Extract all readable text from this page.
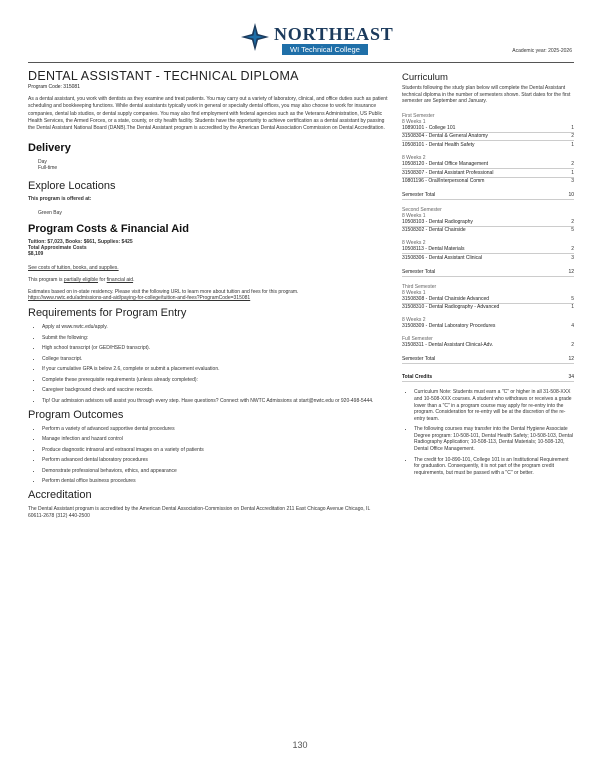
NORTHEAST
WI Technical College	Academic year: 2025-2026
DENTAL ASSISTANT - TECHNICAL DIPLOMA
Program Code: 315081
As a dental assistant, you work with dentists as they examine and treat patients. You may carry out a variety of laboratory, clinical, and office duties such as patient scheduling and bookkeeping functions. While dental assistants typically work in general or specialty dental offices, you may also choose to work for insurance companies, dental lab studios, or dental supply companies. You may also find employment with federal agencies such as the Veterans Administration, US Public Health Services, the Armed Forces, or a state, county, or city health facility. Students have the opportunity to achieve certification as a dental assistant by passing the Dental Assistant National Board (DANB).The Dental Assistant program is accredited by the American Dental Association Commission on Dental Accreditation.
Delivery
Day
Full-time
Explore Locations
This program is offered at:
Green Bay
Program Costs & Financial Aid
Tuition: $7,023, Books: $661, Supplies: $425
Total Approximate Costs
$8,109
See costs of tuition, books, and supplies.
This program is partially eligible for financial aid.
Estimates based on in-state residency. Please visit the following URL to learn more about tuition and fees for this program.
https://www.nwtc.edu/admissions-and-aid/paying-for-college/tuition-and-fees?ProgramCode=315081
Requirements for Program Entry
• Apply at www.nwtc.edu/apply.
• Submit the following:
• High school transcript (or GED/HSED transcript).
• College transcript.
• If your cumulative GPA is below 2.6, complete or submit a placement evaluation.
• Complete these prerequisite requirements (unless already completed):
• Caregiver background check and vaccine records.
• Tip! Our admission advisors will assist you through every step. Have questions? Connect with NWTC Admissions at start@nwtc.edu or 920-498-5444.
Program Outcomes
• Perform a variety of advanced supportive dental procedures
• Manage infection and hazard control
• Produce diagnostic intraoral and extraoral images on a variety of patients
• Perform advanced dental laboratory procedures
• Demonstrate professional behaviors, ethics, and appearance
• Perform dental office business procedures
Accreditation
The Dental Assistant program is accredited by the American Dental Association-Commission on Dental Accreditation 211 East Chicago Avenue Chicago, IL 60611-2678 (312) 440-2500
Curriculum
Students following the study plan below will complete the Dental Assistant technical diploma in the number of semesters shown. Start dates for the first semester are September and January.
First Semester
8 Weeks 1
10890101 - College 101	1
31508304 - Dental & General Anatomy	2
10508101 - Dental Health Safety	1
8 Weeks 2
10508120 - Dental Office Management	2
31508307 - Dental Assistant Professional	1
10801196 - Oral/Interpersonal Comm	3
Semester Total	10
Second Semester
8 Weeks 1
10508103 - Dental Radiography	2
31508302 - Dental Chairside	5
8 Weeks 2
10508113 - Dental Materials	2
31508306 - Dental Assistant Clinical	3
Semester Total	12
Third Semester
8 Weeks 1
31508308 - Dental Chairside Advanced	5
31508310 - Dental Radiography - Advanced	1
8 Weeks 2
31508309 - Dental Laboratory Procedures	4
Full Semester
31508311 - Dental Assistant Clinical-Adv.	2
Semester Total	12
Total Credits	34
• Curriculum Note: Students must earn a "C" or higher in all 31-508-XXX and 10-508-XXX courses. A student who withdraws or receives a grade lower than a "C" in a program course may apply for re-entry into the program. Consideration for re-entry will be at the discretion of the re-entry team.
• The following courses may transfer into the Dental Hygiene Associate Degree program: 10-508-101, Dental Health Safety; 10-508-103, Dental Radiography Application; 10-508-113, Dental Materials; 10-508-120, Dental Office Management.
• The credit for 10-890-101, College 101 is an Institutional Requirement for graduation. Consequently, it is not part of the program credit requirements, but must be passed with a "C" or better.
130
